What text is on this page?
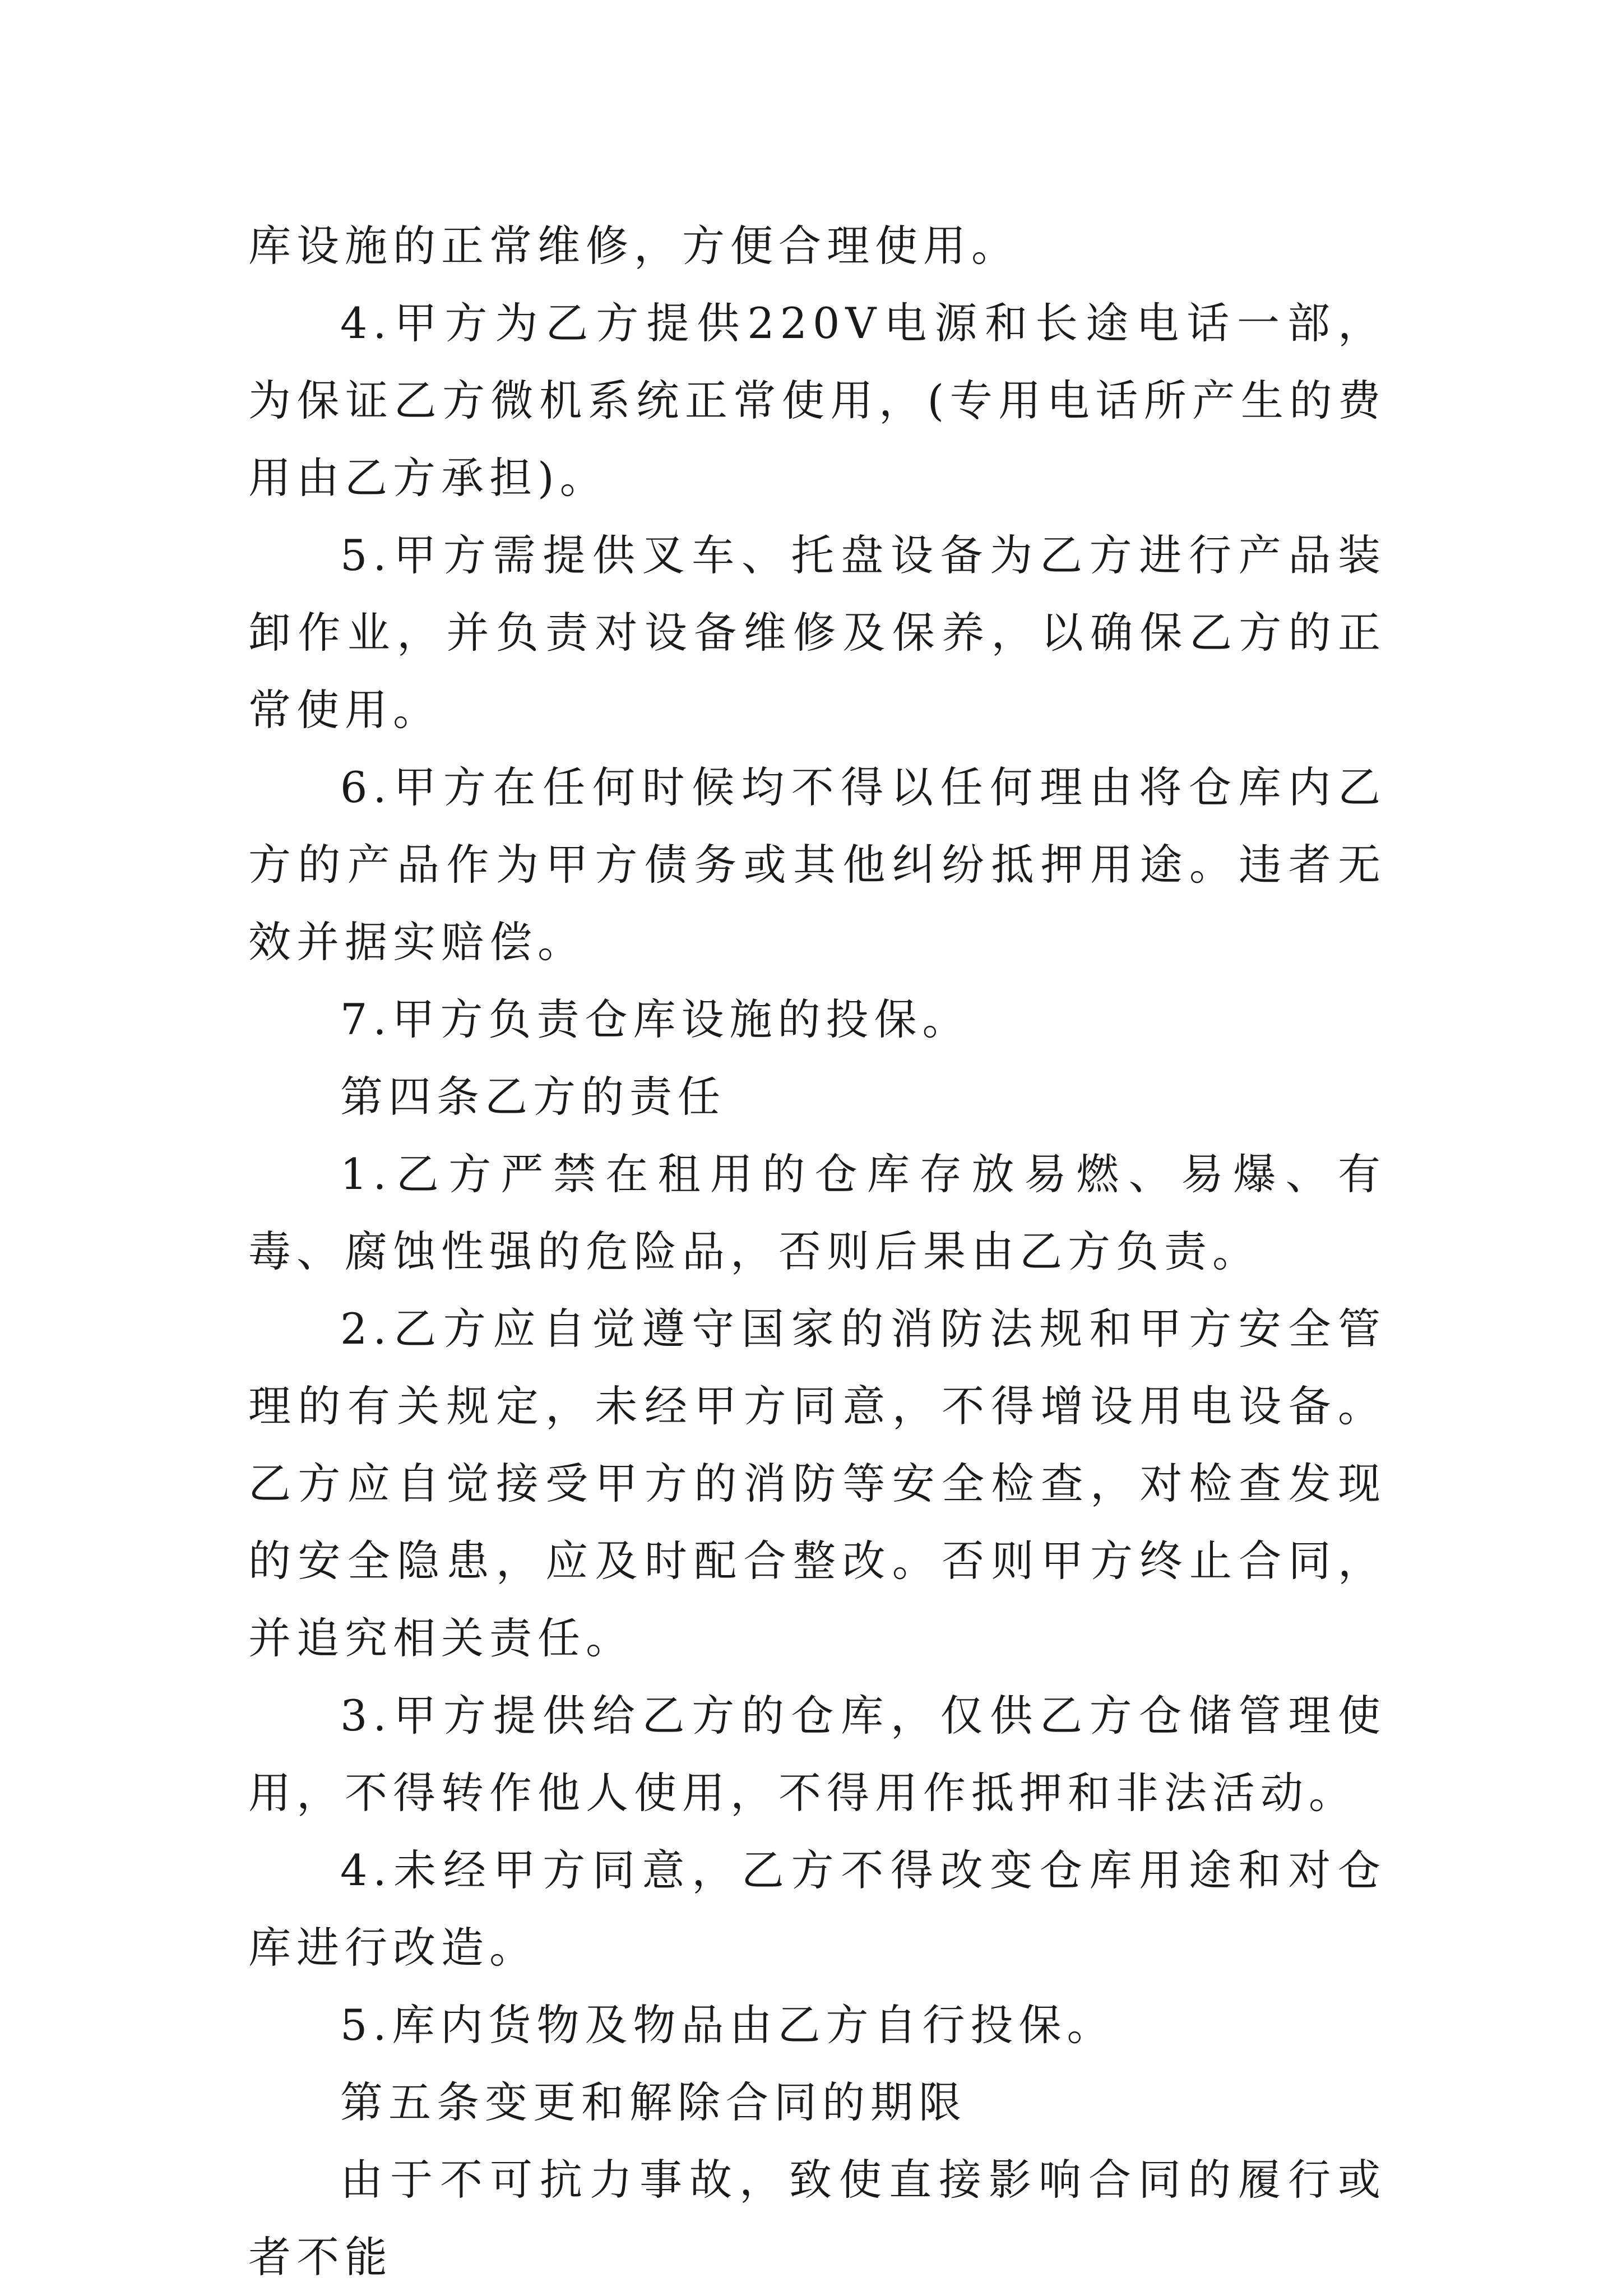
库设施的正常维修，方便合理使用。

4.甲方为乙方提供220V电源和长途电话一部，为保证乙方微机系统正常使用，(专用电话所产生的费用由乙方承担)。

5.甲方需提供叉车、托盘设备为乙方进行产品装卸作业，并负责对设备维修及保养，以确保乙方的正常使用。

6.甲方在任何时候均不得以任何理由将仓库内乙方的产品作为甲方债务或其他纠纷抵押用途。违者无效并据实赔偿。

7.甲方负责仓库设施的投保。

第四条乙方的责任

1.乙方严禁在租用的仓库存放易燃、易爆、有毒、腐蚀性强的危险品，否则后果由乙方负责。

2.乙方应自觉遵守国家的消防法规和甲方安全管理的有关规定，未经甲方同意，不得增设用电设备。乙方应自觉接受甲方的消防等安全检查，对检查发现的安全隐患，应及时配合整改。否则甲方终止合同，并追究相关责任。

3.甲方提供给乙方的仓库，仅供乙方仓储管理使用，不得转作他人使用，不得用作抵押和非法活动。

4.未经甲方同意，乙方不得改变仓库用途和对仓库进行改造。

5.库内货物及物品由乙方自行投保。

第五条变更和解除合同的期限

由于不可抗力事故，致使直接影响合同的履行或者不能
